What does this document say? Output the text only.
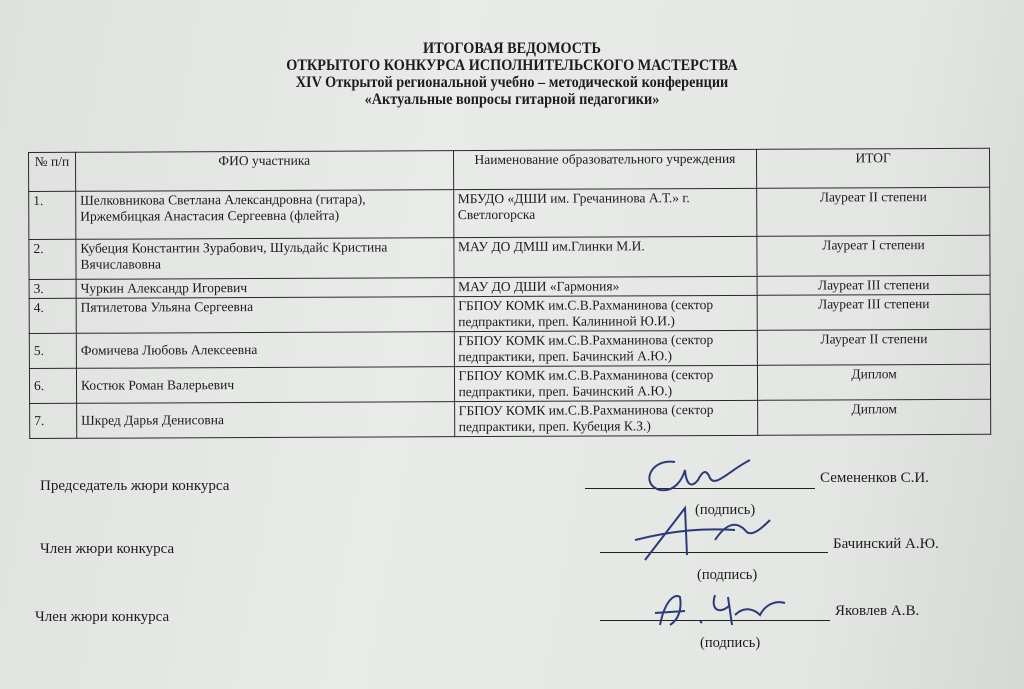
ИТОГОВАЯ ВЕДОМОСТЬ
ОТКРЫТОГО КОНКУРСА ИСПОЛНИТЕЛЬСКОГО МАСТЕРСТВА
XIV Открытой региональной учебно – методической конференции
«Актуальные вопросы гитарной педагогики»
№ п/п	ФИО участника	Наименование образовательного учреждения	ИТОГ
1.	Шелковникова Светлана Александровна (гитара), Иржембицкая Анастасия Сергеевна (флейта)	МБУДО «ДШИ им. Гречанинова А.Т.» г. Светлогорска	Лауреат II степени
2.	Кубеция Константин Зурабович, Шульдайс Кристина Вячиславовна	МАУ ДО ДМШ им.Глинки М.И.	Лауреат I степени
3.	Чуркин Александр Игоревич	МАУ ДО ДШИ «Гармония»	Лауреат III степени
4.	Пятилетова Ульяна Сергеевна	ГБПОУ КОМК им.С.В.Рахманинова (сектор педпрактики, преп. Калининой Ю.И.)	Лауреат III степени
5.	Фомичева Любовь Алексеевна	ГБПОУ КОМК им.С.В.Рахманинова (сектор педпрактики, преп. Бачинский А.Ю.)	Лауреат II степени
6.	Костюк Роман Валерьевич	ГБПОУ КОМК им.С.В.Рахманинова (сектор педпрактики, преп. Бачинский А.Ю.)	Диплом
7.	Шкред Дарья Денисовна	ГБПОУ КОМК им.С.В.Рахманинова (сектор педпрактики, преп. Кубеция К.З.)	Диплом
Председатель жюри конкурса	Семененков С.И.
(подпись)
Член жюри конкурса	Бачинский А.Ю.
(подпись)
Член жюри конкурса	Яковлев А.В.
(подпись)
